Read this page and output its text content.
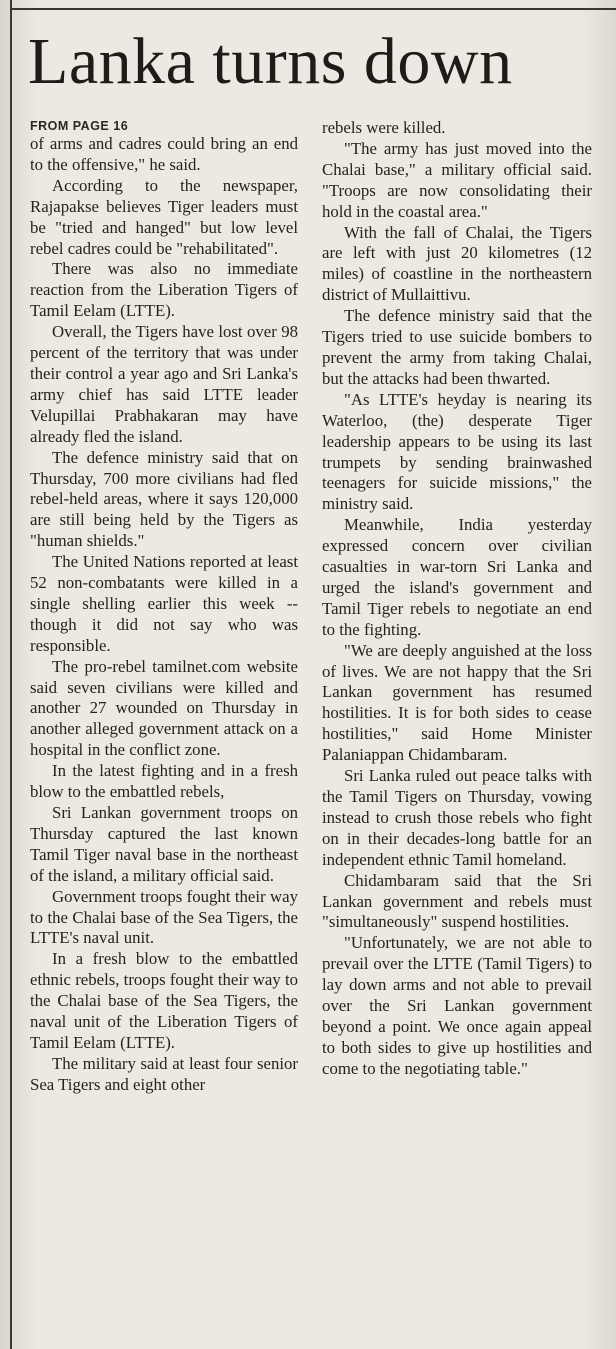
Lanka turns down

FROM PAGE 16

of arms and cadres could bring an end to the offensive," he said.

According to the newspaper, Rajapakse believes Tiger leaders must be "tried and hanged" but low level rebel cadres could be "rehabilitated".

There was also no immediate reaction from the Liberation Tigers of Tamil Eelam (LTTE).

Overall, the Tigers have lost over 98 percent of the territory that was under their control a year ago and Sri Lanka's army chief has said LTTE leader Velupillai Prabhakaran may have already fled the island.

The defence ministry said that on Thursday, 700 more civilians had fled rebel-held areas, where it says 120,000 are still being held by the Tigers as "human shields."

The United Nations reported at least 52 non-combatants were killed in a single shelling earlier this week -- though it did not say who was responsible.

The pro-rebel tamilnet.com website said seven civilians were killed and another 27 wounded on Thursday in another alleged government attack on a hospital in the conflict zone.

In the latest fighting and in a fresh blow to the embattled rebels,

Sri Lankan government troops on Thursday captured the last known Tamil Tiger naval base in the northeast of the island, a military official said.

Government troops fought their way to the Chalai base of the Sea Tigers, the LTTE's naval unit.

In a fresh blow to the embattled ethnic rebels, troops fought their way to the Chalai base of the Sea Tigers, the naval unit of the Liberation Tigers of Tamil Eelam (LTTE).

The military said at least four senior Sea Tigers and eight other

rebels were killed.

"The army has just moved into the Chalai base," a military official said. "Troops are now consolidating their hold in the coastal area."

With the fall of Chalai, the Tigers are left with just 20 kilometres (12 miles) of coastline in the northeastern district of Mullaittivu.

The defence ministry said that the Tigers tried to use suicide bombers to prevent the army from taking Chalai, but the attacks had been thwarted.

"As LTTE's heyday is nearing its Waterloo, (the) desperate Tiger leadership appears to be using its last trumpets by sending brainwashed teenagers for suicide missions," the ministry said.

Meanwhile, India yesterday expressed concern over civilian casualties in war-torn Sri Lanka and urged the island's government and Tamil Tiger rebels to negotiate an end to the fighting.

"We are deeply anguished at the loss of lives. We are not happy that the Sri Lankan government has resumed hostilities. It is for both sides to cease hostilities," said Home Minister Palaniappan Chidambaram.

Sri Lanka ruled out peace talks with the Tamil Tigers on Thursday, vowing instead to crush those rebels who fight on in their decades-long battle for an independent ethnic Tamil homeland.

Chidambaram said that the Sri Lankan government and rebels must "simultaneously" suspend hostilities.

"Unfortunately, we are not able to prevail over the LTTE (Tamil Tigers) to lay down arms and not able to prevail over the Sri Lankan government beyond a point. We once again appeal to both sides to give up hostilities and come to the negotiating table."
